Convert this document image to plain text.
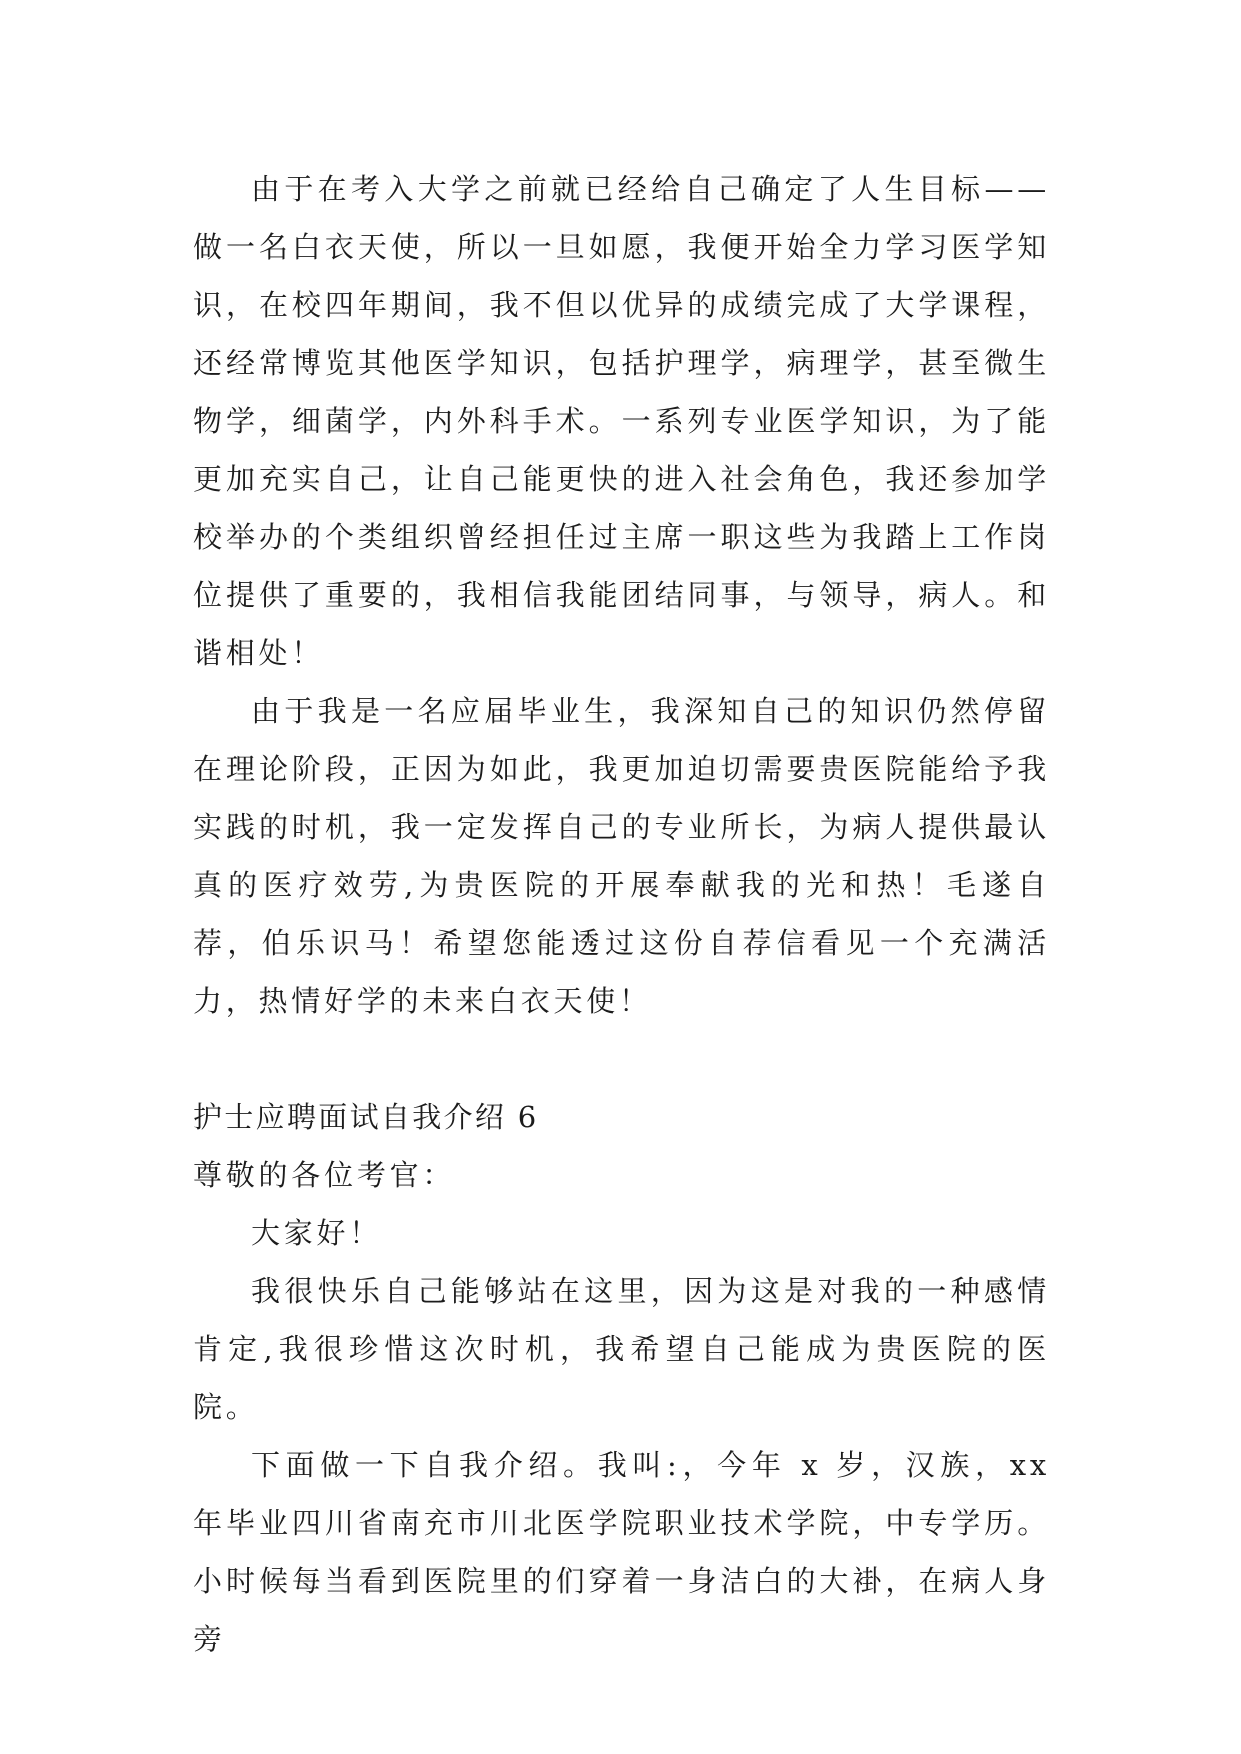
由于在考入大学之前就已经给自己确定了人生目标——做一名白衣天使，所以一旦如愿，我便开始全力学习医学知识，在校四年期间，我不但以优异的成绩完成了大学课程，还经常博览其他医学知识，包括护理学，病理学，甚至微生物学，细菌学，内外科手术。一系列专业医学知识，为了能更加充实自己，让自己能更快的进入社会角色，我还参加学校举办的个类组织曾经担任过主席一职这些为我踏上工作岗位提供了重要的，我相信我能团结同事，与领导，病人。和谐相处！

由于我是一名应届毕业生，我深知自己的知识仍然停留在理论阶段，正因为如此，我更加迫切需要贵医院能给予我实践的时机，我一定发挥自己的专业所长，为病人提供最认真的医疗效劳,为贵医院的开展奉献我的光和热！毛遂自荐，伯乐识马！希望您能透过这份自荐信看见一个充满活力，热情好学的未来白衣天使！

护士应聘面试自我介绍 6

尊敬的各位考官：

大家好！

我很快乐自己能够站在这里，因为这是对我的一种感情肯定,我很珍惜这次时机，我希望自己能成为贵医院的医院。

下面做一下自我介绍。我叫:，今年 x 岁，汉族，xx 年毕业四川省南充市川北医学院职业技术学院，中专学历。小时候每当看到医院里的们穿着一身洁白的大褂，在病人身旁
